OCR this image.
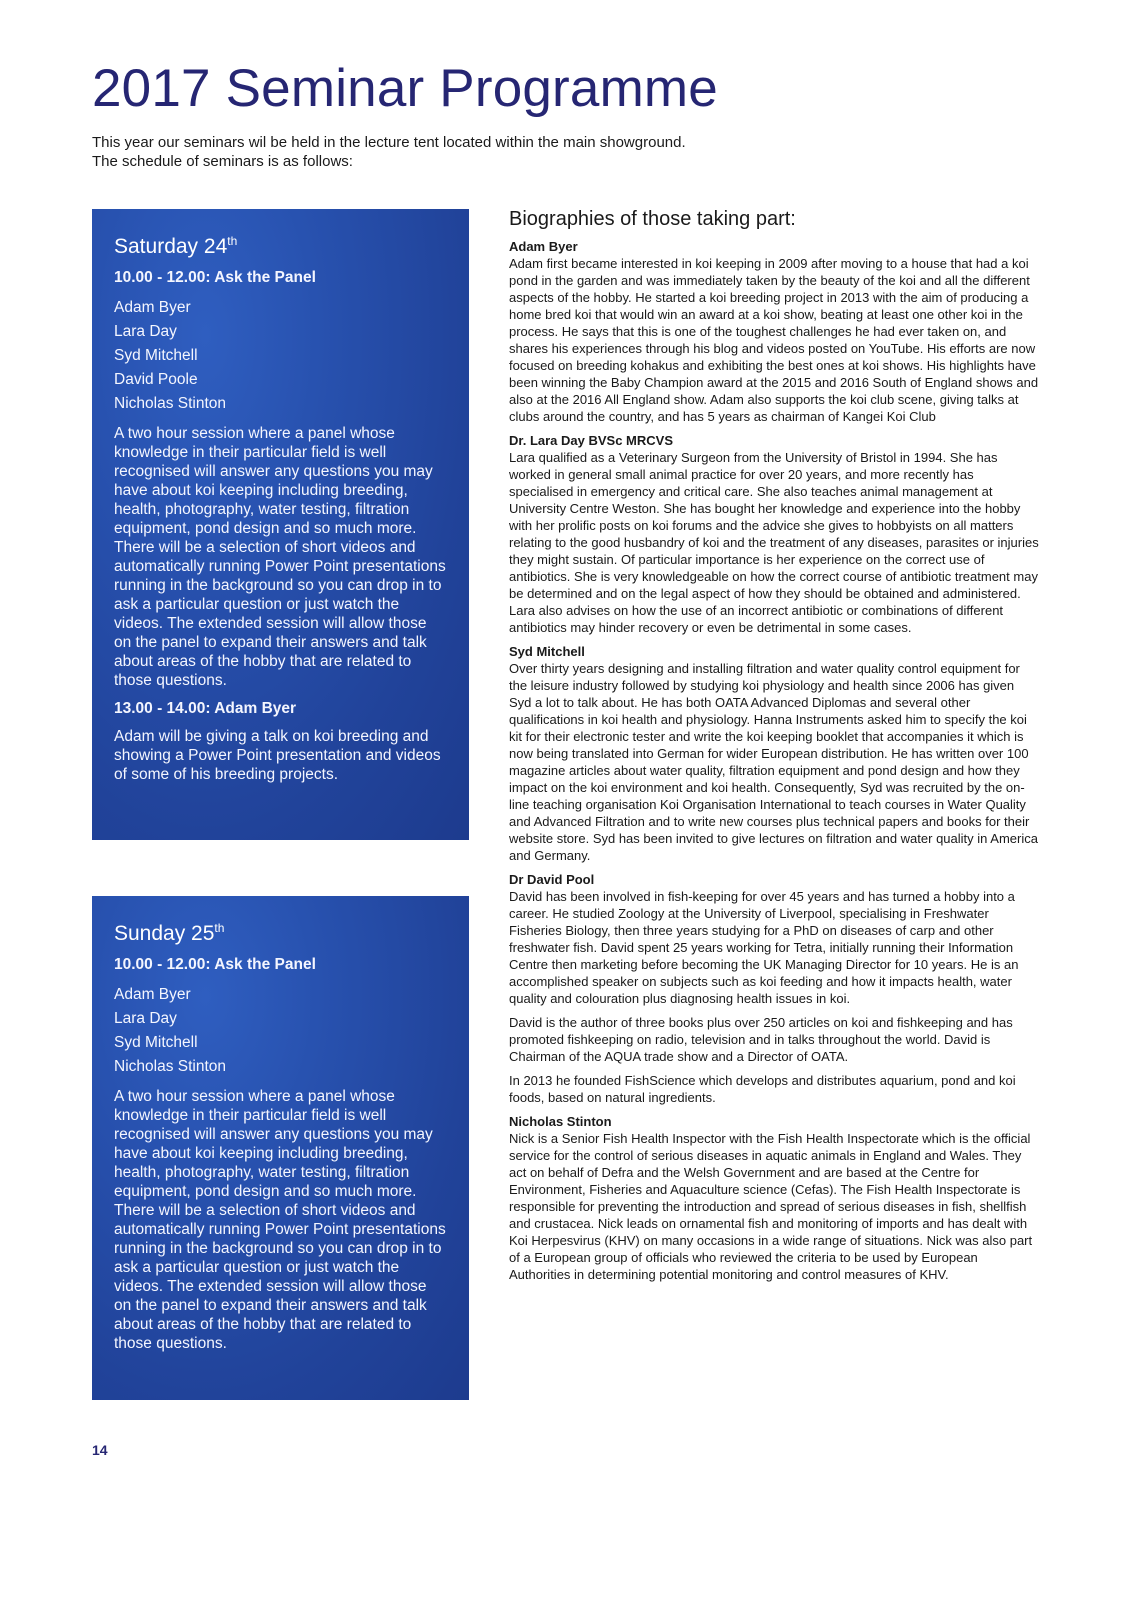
2017 Seminar Programme

This year our seminars wil be held in the lecture tent located within the main showground.

The schedule of seminars is as follows:

Saturday 24th
10.00 - 12.00: Ask the Panel
Adam Byer
Lara Day
Syd Mitchell
David Poole
Nicholas Stinton

A two hour session where a panel whose knowledge in their particular field is well recognised will answer any questions you may have about koi keeping including breeding, health, photography, water testing, filtration equipment, pond design and so much more. There will be a selection of short videos and automatically running Power Point presentations running in the background so you can drop in to ask a particular question or just watch the videos. The extended session will allow those on the panel to expand their answers and talk about areas of the hobby that are related to those questions.

13.00 - 14.00: Adam Byer

Adam will be giving a talk on koi breeding and showing a Power Point presentation and videos of some of his breeding projects.

Sunday 25th
10.00 - 12.00: Ask the Panel
Adam Byer
Lara Day
Syd Mitchell
Nicholas Stinton

A two hour session where a panel whose knowledge in their particular field is well recognised will answer any questions you may have about koi keeping including breeding, health, photography, water testing, filtration equipment, pond design and so much more. There will be a selection of short videos and automatically running Power Point presentations running in the background so you can drop in to ask a particular question or just watch the videos. The extended session will allow those on the panel to expand their answers and talk about areas of the hobby that are related to those questions.

Biographies of those taking part:
Adam Byer

Adam first became interested in koi keeping in 2009 after moving to a house that had a koi pond in the garden and was immediately taken by the beauty of the koi and all the different aspects of the hobby. He started a koi breeding project in 2013 with the aim of producing a home bred koi that would win an award at a koi show, beating at least one other koi in the process. He says that this is one of the toughest challenges he had ever taken on, and shares his experiences through his blog and videos posted on YouTube. His efforts are now focused on breeding kohakus and exhibiting the best ones at koi shows. His highlights have been winning the Baby Champion award at the 2015 and 2016 South of England shows and also at the 2016 All England show. Adam also supports the koi club scene, giving talks at clubs around the country, and has 5 years as chairman of Kangei Koi Club

Dr. Lara Day BVSc MRCVS

Lara qualified as a Veterinary Surgeon from the University of Bristol in 1994. She has worked in general small animal practice for over 20 years, and more recently has specialised in emergency and critical care. She also teaches animal management at University Centre Weston. She has bought her knowledge and experience into the hobby with her prolific posts on koi forums and the advice she gives to hobbyists on all matters relating to the good husbandry of koi and the treatment of any diseases, parasites or injuries they might sustain. Of particular importance is her experience on the correct use of antibiotics. She is very knowledgeable on how the correct course of antibiotic treatment may be determined and on the legal aspect of how they should be obtained and administered. Lara also advises on how the use of an incorrect antibiotic or combinations of different antibiotics may hinder recovery or even be detrimental in some cases.

Syd Mitchell

Over thirty years designing and installing filtration and water quality control equipment for the leisure industry followed by studying koi physiology and health since 2006 has given Syd a lot to talk about. He has both OATA Advanced Diplomas and several other qualifications in koi health and physiology. Hanna Instruments asked him to specify the koi kit for their electronic tester and write the koi keeping booklet that accompanies it which is now being translated into German for wider European distribution. He has written over 100 magazine articles about water quality, filtration equipment and pond design and how they impact on the koi environment and koi health. Consequently, Syd was recruited by the on-line teaching organisation Koi Organisation International to teach courses in Water Quality and Advanced Filtration and to write new courses plus technical papers and books for their website store. Syd has been invited to give lectures on filtration and water quality in America and Germany.

Dr David Pool

David has been involved in fish-keeping for over 45 years and has turned a hobby into a career. He studied Zoology at the University of Liverpool, specialising in Freshwater Fisheries Biology, then three years studying for a PhD on diseases of carp and other freshwater fish. David spent 25 years working for Tetra, initially running their Information Centre then marketing before becoming the UK Managing Director for 10 years. He is an accomplished speaker on subjects such as koi feeding and how it impacts health, water quality and colouration plus diagnosing health issues in koi.

David is the author of three books plus over 250 articles on koi and fishkeeping and has promoted fishkeeping on radio, television and in talks throughout the world. David is Chairman of the AQUA trade show and a Director of OATA.

In 2013 he founded FishScience which develops and distributes aquarium, pond and koi foods, based on natural ingredients.

Nicholas Stinton

Nick is a Senior Fish Health Inspector with the Fish Health Inspectorate which is the official service for the control of serious diseases in aquatic animals in England and Wales. They act on behalf of Defra and the Welsh Government and are based at the Centre for Environment, Fisheries and Aquaculture science (Cefas). The Fish Health Inspectorate is responsible for preventing the introduction and spread of serious diseases in fish, shellfish and crustacea. Nick leads on ornamental fish and monitoring of imports and has dealt with Koi Herpesvirus (KHV) on many occasions in a wide range of situations. Nick was also part of a European group of officials who reviewed the criteria to be used by European Authorities in determining potential monitoring and control measures of KHV.

14
